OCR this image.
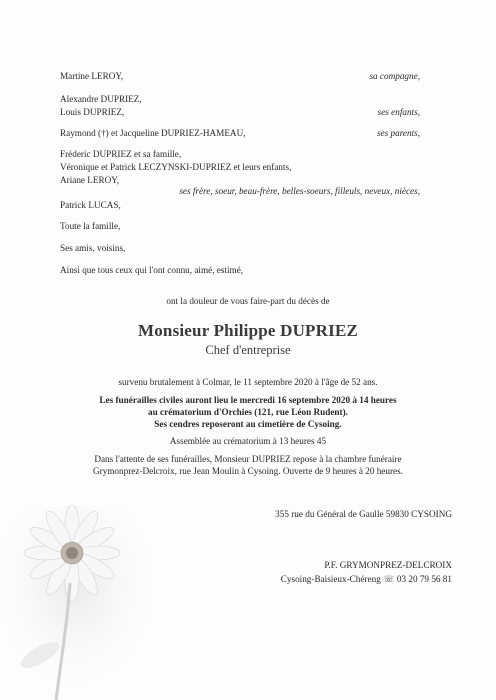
Martine LEROY,	sa compagne,
Alexandre DUPRIEZ,
Louis DUPRIEZ,	ses enfants,
Raymond (†) et Jacqueline DUPRIEZ-HAMEAU,	ses parents,
Fréderic DUPRIEZ et sa famille,
Véronique et Patrick LECZYNSKI-DUPRIEZ et leurs enfants,
Ariane LEROY,
ses frère, soeur, beau-frère, belles-soeurs, filleuls, neveux, nièces,
Patrick LUCAS,
Toute la famille,
Ses amis, voisins,
Ainsi que tous ceux qui l'ont connu, aimé, estimé,
ont la douleur de vous faire-part du décès de
Monsieur Philippe DUPRIEZ
Chef d'entreprise
survenu brutalement à Colmar, le 11 septembre 2020 à l'âge de 52 ans.
Les funérailles civiles auront lieu le mercredi 16 septembre 2020 à 14 heures
au crématorium d'Orchies (121, rue Léon Rudent).
Ses cendres reposeront au cimetière de Cysoing.
Assemblée au crématorium à 13 heures 45
Dans l'attente de ses funérailles, Monsieur DUPRIEZ repose à la chambre funéraire
Grymonprez-Delcroix, rue Jean Moulin à Cysoing. Ouverte de 9 heures à 20 heures.
355 rue du Général de Gaulle 59830 CYSOING
P.F. GRYMONPREZ-DELCROIX
Cysoing-Baisieux-Chéreng ☏ 03 20 79 56 81
